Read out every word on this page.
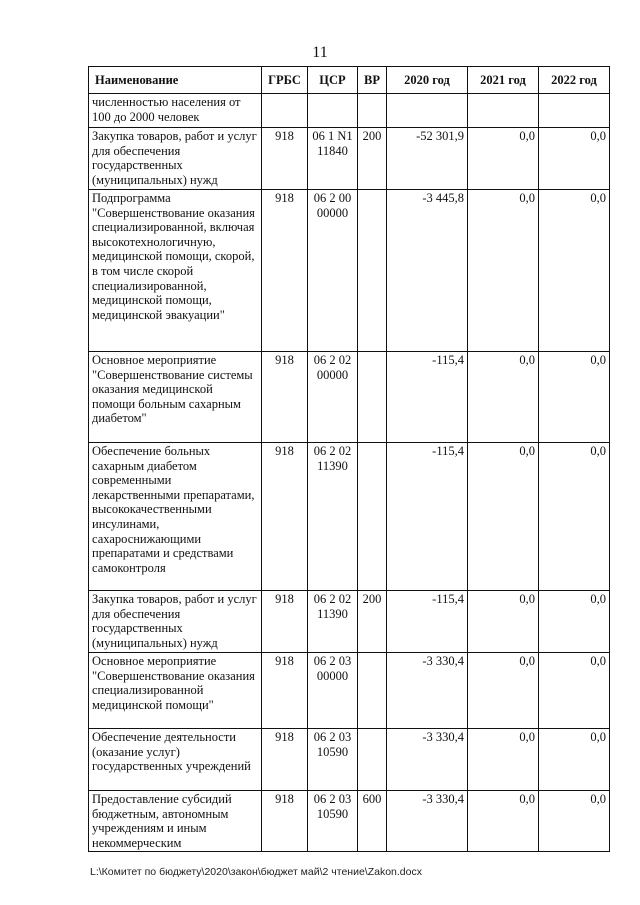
11
Наименование	ГРБС	ЦСР	ВР	2020 год	2021 год	2022 год
численностью населения от 100 до 2000 человек						
Закупка товаров, работ и услуг для обеспечения государственных (муниципальных) нужд	918	06 1 N1 11840	200	-52 301,9	0,0	0,0
Подпрограмма "Совершенствование оказания специализированной, включая высокотехнологичную, медицинской помощи, скорой, в том числе скорой специализированной, медицинской помощи, медицинской эвакуации"	918	06 2 00 00000		-3 445,8	0,0	0,0
Основное мероприятие "Совершенствование системы оказания медицинской помощи больным сахарным диабетом"	918	06 2 02 00000		-115,4	0,0	0,0
Обеспечение больных сахарным диабетом современными лекарственными препаратами, высококачественными инсулинами, сахароснижающими препаратами и средствами самоконтроля	918	06 2 02 11390		-115,4	0,0	0,0
Закупка товаров, работ и услуг для обеспечения государственных (муниципальных) нужд	918	06 2 02 11390	200	-115,4	0,0	0,0
Основное мероприятие "Совершенствование оказания специализированной медицинской помощи"	918	06 2 03 00000		-3 330,4	0,0	0,0
Обеспечение деятельности (оказание услуг) государственных учреждений	918	06 2 03 10590		-3 330,4	0,0	0,0
Предоставление субсидий бюджетным, автономным учреждениям и иным некоммерческим	918	06 2 03 10590	600	-3 330,4	0,0	0,0
L:\Комитет по бюджету\2020\закон\бюджет май\2 чтение\Zakon.docx
